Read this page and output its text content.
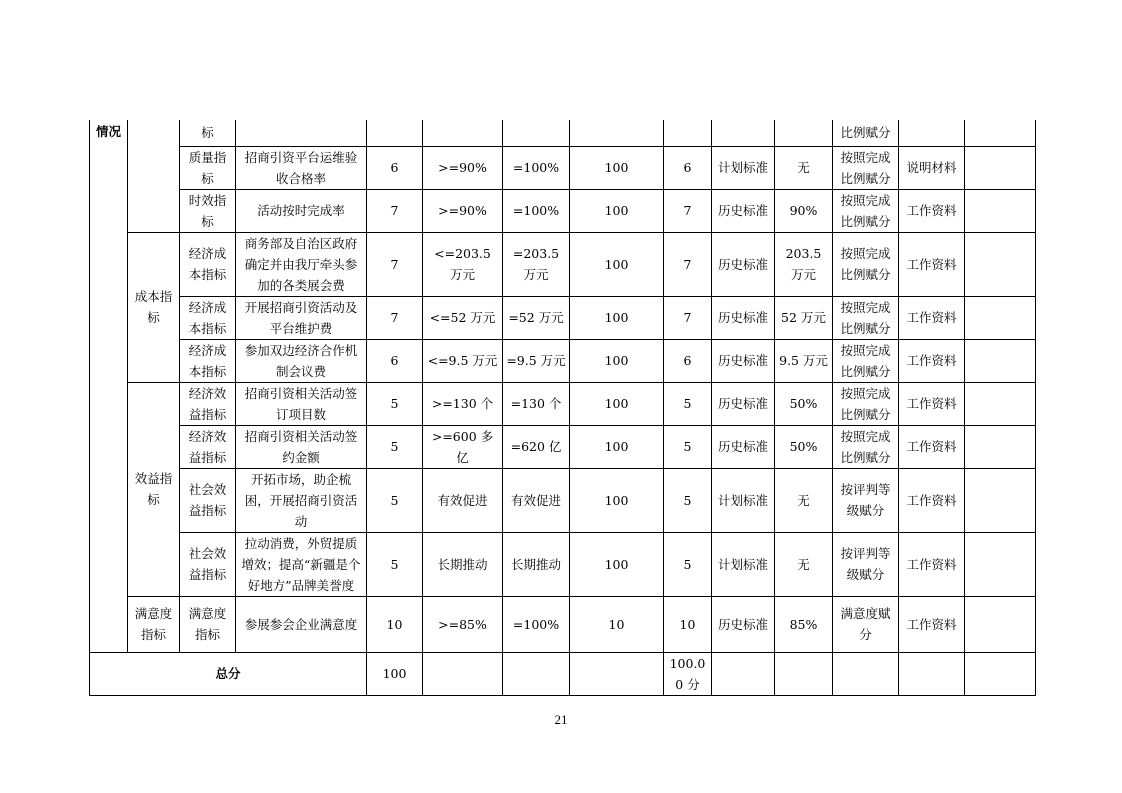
情况		标									比例赋分		
		质量指标	招商引资平台运维验收合格率	6	>=90%	=100%	100	6	计划标准	无	按照完成比例赋分	说明材料	
		时效指标	活动按时完成率	7	>=90%	=100%	100	7	历史标准	90%	按照完成比例赋分	工作资料	
	成本指标	经济成本指标	商务部及自治区政府确定并由我厅牵头参加的各类展会费	7	<=203.5 万元	=203.5 万元	100	7	历史标准	203.5 万元	按照完成比例赋分	工作资料	
		经济成本指标	开展招商引资活动及平台维护费	7	<=52 万元	=52 万元	100	7	历史标准	52 万元	按照完成比例赋分	工作资料	
		经济成本指标	参加双边经济合作机制会议费	6	<=9.5 万元	=9.5 万元	100	6	历史标准	9.5 万元	按照完成比例赋分	工作资料	
	效益指标	经济效益指标	招商引资相关活动签订项目数	5	>=130 个	=130 个	100	5	历史标准	50%	按照完成比例赋分	工作资料	
		经济效益指标	招商引资相关活动签约金额	5	>=600 多亿	=620 亿	100	5	历史标准	50%	按照完成比例赋分	工作资料	
		社会效益指标	开拓市场，助企梳困，开展招商引资活动	5	有效促进	有效促进	100	5	计划标准	无	按评判等级赋分	工作资料	
		社会效益指标	拉动消费，外贸提质增效；提高“新疆是个好地方”品牌美誉度	5	长期推动	长期推动	100	5	计划标准	无	按评判等级赋分	工作资料	
	满意度指标	满意度指标	参展参会企业满意度	10	>=85%	=100%	10	10	历史标准	85%	满意度赋分	工作资料	
总分				100				100.00 分					
21
